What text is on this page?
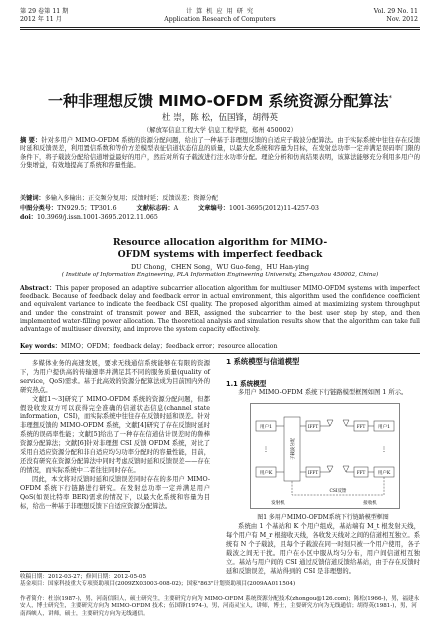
第 29 卷第 11 期
2012 年 11 月
计 算 机 应 用 研 究
Application Research of Computers
Vol. 29 No. 11
Nov. 2012
一种非理想反馈 MIMO-OFDM 系统资源分配算法*
杜 崇，陈 松，伍国锋，胡得英
（解放军信息工程大学 信息工程学院，郑州 450002）
摘 要：针对多用户 MIMO-OFDM 系统的资源分配问题，给出了一种基于非理想反馈的自适应子载波分配算法。由于实际系统中往往存在反馈时延和反馈误差，利用置信系数和等价方差模型表征信道状态信息的质量，以最大化系统和容量为目标，在发射总功率一定并满足误码率门限的条件下，将子载波分配给信道增益最好的用户，然后对所有子载波进行注水功率分配。理论分析和仿真结果表明，该算法能够充分利用多用户的分集增益，有效地提高了系统和容量性能。
关键词：多输入多输出；正交频分复用；反馈时延；反馈误差；资源分配
中图分类号：TN929.5；TP301.6	文献标志码：A	文章编号：1001-3695(2012)11-4257-03
doi：10.3969/j.issn.1001-3695.2012.11.065
Resource allocation algorithm for MIMO-OFDM systems with imperfect feedback
DU Chong，CHEN Song，WU Guo-feng，HU Han-ying
( Institute of Information Engineering, PLA Information Engineering University, Zhengzhou 450002, China)
Abstract：This paper proposed an adaptive subcarrier allocation algorithm for multiuser MIMO-OFDM systems with imperfect feedback. Because of feedback delay and feedback error in actual environment, this algorithm used the confidence coefficient and equivalent variance to indicate the feedback CSI quality. The proposed algorithm aimed at maximizing system throughput and under the constraint of transmit power and BER, assigned the subcarrier to the best user step by step, and then implemented water-filling power allocation. The theoretical analysis and simulation results show that the algorithm can take full advantage of multiuser diversity, and improve the system capacity effectively.
Key words：MIMO；OFDM；feedback delay；feedback error；resource allocation

多媒体业务的高速发展，要求无线通信系统能够在有限的资源下，为用户提供高的传输速率并满足其不同的服务质量(quality of service，QoS)需求。基于此高效的资源分配算法成为目前国内外的研究热点。

文献[1～3]研究了 MIMO-OFDM 系统的资源分配问题，但都假设收发双方可以获得完全准确的信道状态信息(channel state information，CSI)，而实际系统中往往存在反馈时延和误差。针对非理想反馈的 MIMO-OFDM 系统，文献[4]研究了存在反馈时延时系统的误码率性能；文献[5]给出了一种存在信道估计误差时的鲁棒资源分配算法；文献[6]针对非理想 CSI 反馈 OFDM 系统，对比了采用自适应资源分配和非自适应均匀功率分配时的容量性能，目前，还没有研究在资源分配算法中同时考虑反馈时延和反馈误差——存在的情况，而实际系统中二者往往同时存在。

因此，本文将对反馈时延和反馈误差同时存在的多用户 MIMO-OFDM 系统下行链路进行研究。在发射总功率一定并满足用户 QoS(如误比特率 BER)需求的情况下，以最大化系统和容量为目标，给出一种基于非理想反馈下自适应资源分配算法。

1 系统模型与信道模型
1.1 系统模型
多用户 MIMO-OFDM 系统下行链路模型框图如图 1 所示。
用户1
用户K
子载波分配
IFFT
IFFT
FFT
FFT
用户1
用户K
⋮	⋮
CSI反馈
发射机	接收机
图1 多用户MIMO-OFDM系统下行链路模型框图
系统由 1 个基站和 K 个用户组成，基站端有 M_t 根发射天线，每个用户有 M_r 根接收天线，各收发天线对之间的信道相互独立。系统有 N 个子载波，且每个子载波在同一时刻只被一个用户使用，各子载波之间无干扰。用户在小区中服从均匀分布，用户间信道相互独立。基站与用户间的 CSI 通过反馈信道反馈给基站，由于存在反馈时延和反馈误差，基站得到的 CSI 是非理想的。
收稿日期：2012-03-27；修回日期：2012-05-05
基金项目：国家科技重大专项资助项目(2009ZX03003-008-02)；国家"863"计划资助项目(2009AA011504)
作者简介：杜崇(1987-)，男，河南信阳人，硕士研究生，主要研究方向为 MIMO-OFDM 系统资源分配技术(zhongou@126.com)；陈松(1966-)，男，福建永安人，博士研究生，主要研究方向为 MIMO-OFDM 技术；伍国锋(1974-)，男，河南灵宝人，讲师，博士，主要研究方向为无线通信；胡得英(1981-)，男，河南西峡人，讲师，硕士，主要研究方向为无线通信。
